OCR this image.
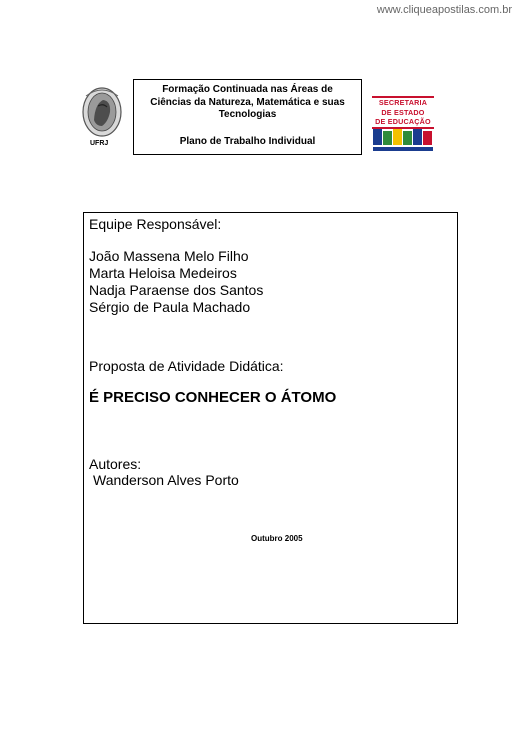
www.cliqueapostilas.com.br
UFRJ
Formação Continuada nas Áreas de
Ciências da Natureza, Matemática e suas
Tecnologias
Plano de Trabalho Individual
SECRETARIA
DE ESTADO
DE EDUCAÇÃO
Equipe Responsável:
João Massena Melo Filho
Marta Heloisa Medeiros
Nadja Paraense dos Santos
Sérgio de Paula Machado
Proposta de Atividade Didática:
É PRECISO CONHECER O ÁTOMO
Autores:
Wanderson Alves Porto
Outubro 2005
